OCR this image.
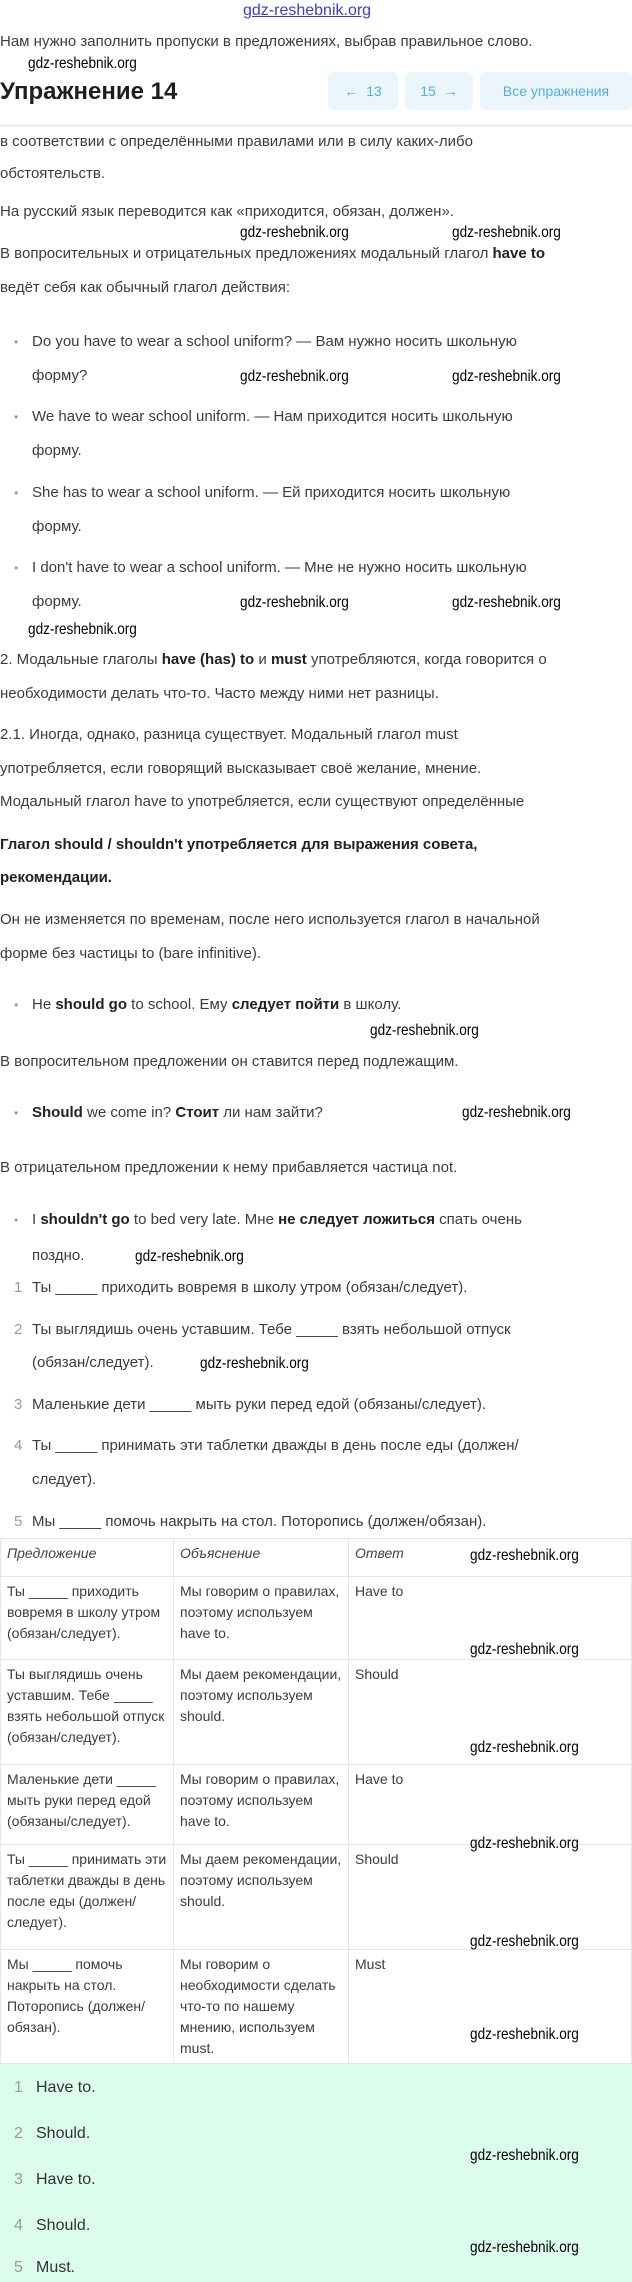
gdz-reshebnik.org
Нам нужно заполнить пропуски в предложениях, выбрав правильное слово.
Упражнение 14	← 13	15 →	Все упражнения
в соответствии с определёнными правилами или в силу каких-либо
обстоятельств.
На русский язык переводится как «приходится, обязан, должен».
В вопросительных и отрицательных предложениях модальный глагол have to
ведёт себя как обычный глагол действия:
• Do you have to wear a school uniform? — Вам нужно носить школьную
форму?
• We have to wear school uniform. — Нам приходится носить школьную
форму.
• She has to wear a school uniform. — Ей приходится носить школьную
форму.
• I don't have to wear a school uniform. — Мне не нужно носить школьную
форму.
2. Модальные глаголы have (has) to и must употребляются, когда говорится о
необходимости делать что-то. Часто между ними нет разницы.
2.1. Иногда, однако, разница существует. Модальный глагол must
употребляется, если говорящий высказывает своё желание, мнение.
Модальный глагол have to употребляется, если существуют определённые
Глагол should / shouldn't употребляется для выражения совета,
рекомендации.
Он не изменяется по временам, после него используется глагол в начальной
форме без частицы to (bare infinitive).
• He should go to school. Ему следует пойти в школу.
В вопросительном предложении он ставится перед подлежащим.
• Should we come in? Стоит ли нам зайти?
В отрицательном предложении к нему прибавляется частица not.
• I shouldn't go to bed very late. Мне не следует ложиться спать очень
поздно.
1 Ты _____ приходить вовремя в школу утром (обязан/следует).
2 Ты выглядишь очень уставшим. Тебе _____ взять небольшой отпуск
(обязан/следует).
3 Маленькие дети _____ мыть руки перед едой (обязаны/следует).
4 Ты _____ принимать эти таблетки дважды в день после еды (должен/
следует).
5 Мы _____ помочь накрыть на стол. Поторопись (должен/обязан).
Предложение	Объяснение	Ответ
Ты _____ приходить вовремя в школу утром (обязан/следует).	Мы говорим о правилах, поэтому используем have to.	Have to
Ты выглядишь очень уставшим. Тебе _____ взять небольшой отпуск (обязан/следует).	Мы даем рекомендации, поэтому используем should.	Should
Маленькие дети _____ мыть руки перед едой (обязаны/следует).	Мы говорим о правилах, поэтому используем have to.	Have to
Ты _____ принимать эти таблетки дважды в день после еды (должен/следует).	Мы даем рекомендации, поэтому используем should.	Should
Мы _____ помочь накрыть на стол. Поторопись (должен/обязан).	Мы говорим о необходимости сделать что-то по нашему мнению, используем must.	Must
1 Have to.
2 Should.
3 Have to.
4 Should.
5 Must.
gdz-reshebnik.org
gdz-reshebnik.org
gdz-reshebnik.org
gdz-reshebnik.org	gdz-reshebnik.org
gdz-reshebnik.org	gdz-reshebnik.org
gdz-reshebnik.org	gdz-reshebnik.org
gdz-reshebnik.org
gdz-reshebnik.org
gdz-reshebnik.org
gdz-reshebnik.org
gdz-reshebnik.org
gdz-reshebnik.org
gdz-reshebnik.org
gdz-reshebnik.org
gdz-reshebnik.org
gdz-reshebnik.org
gdz-reshebnik.org
